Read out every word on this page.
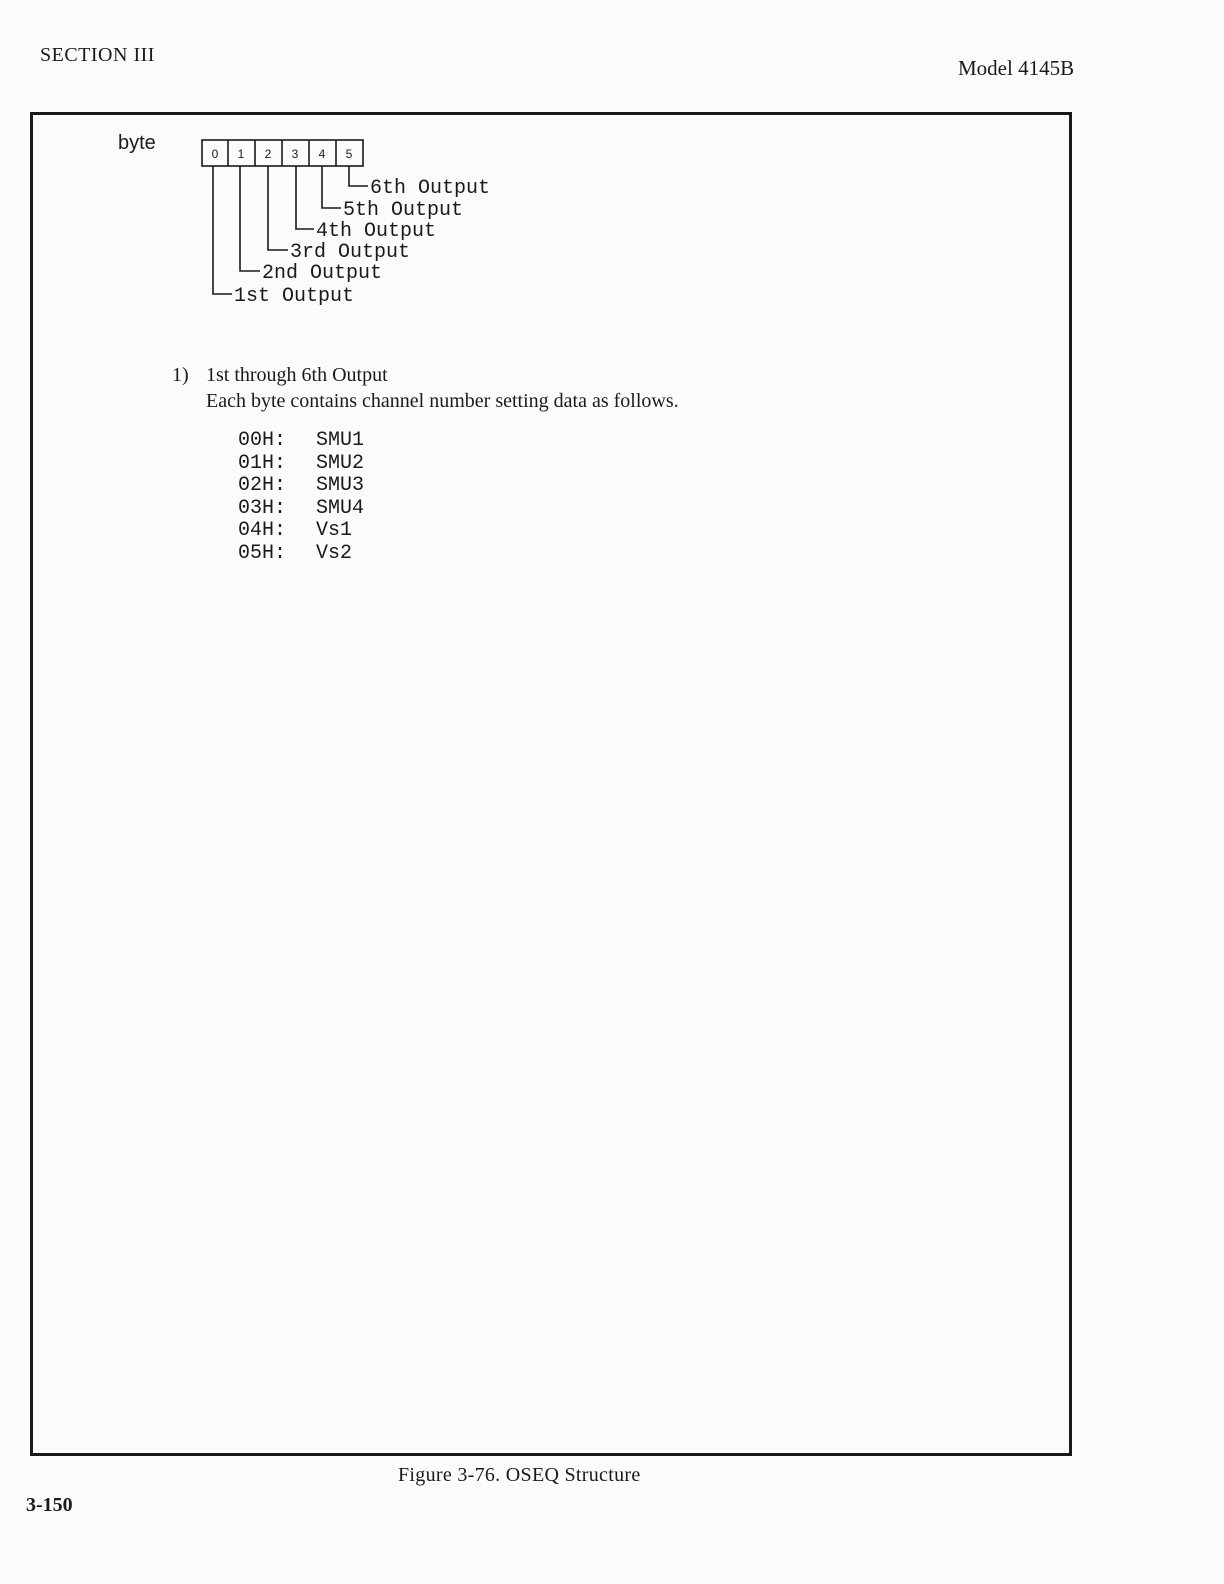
SECTION III
Model 4145B
byte	0 1 2 3 4 5
6th Output
5th Output
4th Output
3rd Output
2nd Output
1st Output
1) 1st through 6th Output
Each byte contains channel number setting data as follows.
00H:	SMU1
01H:	SMU2
02H:	SMU3
03H:	SMU4
04H:	Vs1
05H:	Vs2
Figure 3-76. OSEQ Structure
3-150
